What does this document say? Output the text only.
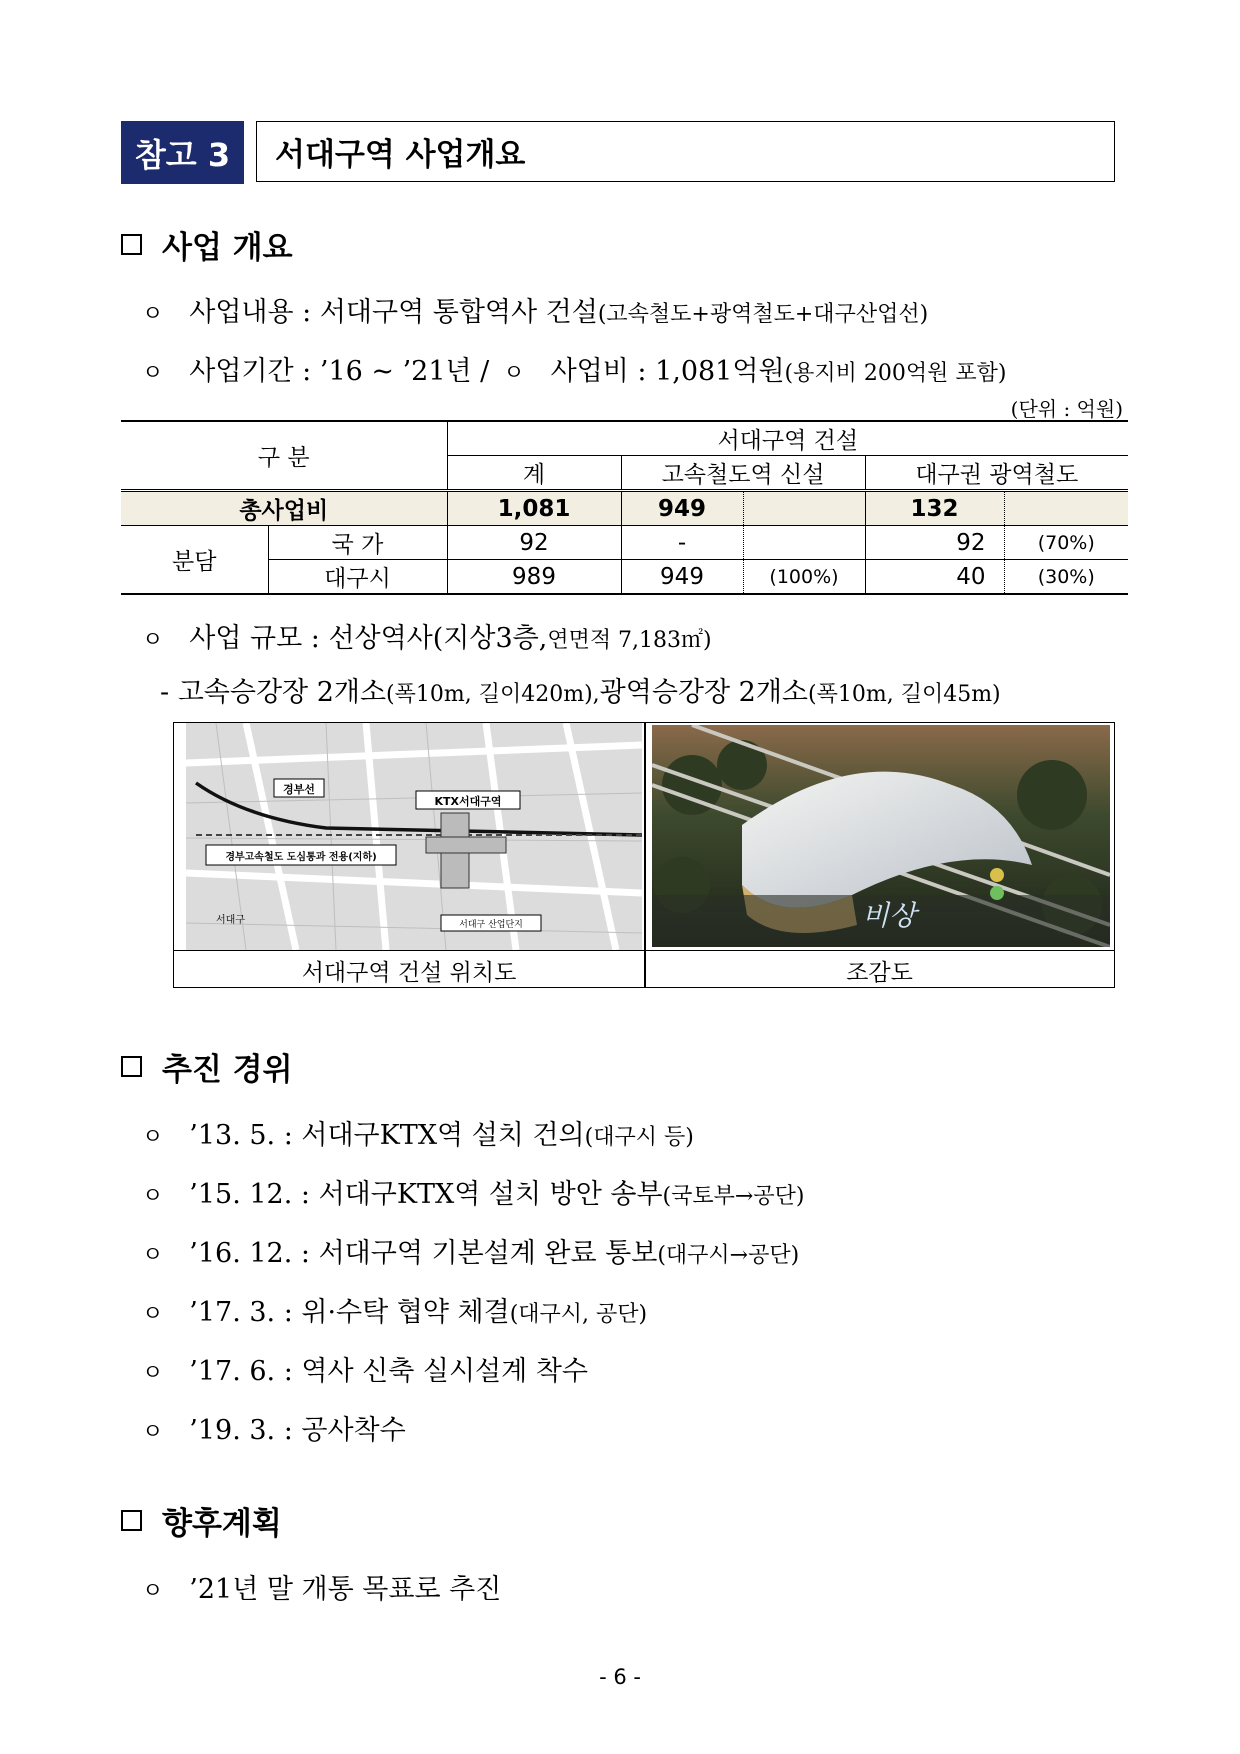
참고 3	서대구역 사업개요
사업 개요
ㅇ 사업내용 : 서대구역 통합역사 건설 (고속철도+광역철도+대구산업선)
ㅇ 사업기간 : ’16 ~ ’21년 / ㅇ 사업비 : 1,081억원 (용지비 200억원 포함)
(단위 : 억원)
구 분		서대구역 건설				
		계	고속철도역 신설		대구권 광역철도	
총사업비		1,081	949		132	
분담	국 가	92	-		92	(70%)
	대구시	989	949	(100%)	40	(30%)
ㅇ 사업 규모 : 선상역사(지상3층, 연면적 7,183㎡)
- 고속승강장 2개소 (폭10m, 길이420m), 광역승강장 2개소 (폭10m, 길이45m)
경부선
KTX서대구역
경부고속철도 도심통과 전용(지하)
서대구 산업단지
서대구	비상
서대구역 건설 위치도	조감도
추진 경위
ㅇ ’13. 5. : 서대구KTX역 설치 건의 (대구시 등)
ㅇ ’15. 12. : 서대구KTX역 설치 방안 송부 (국토부→공단)
ㅇ ’16. 12. : 서대구역 기본설계 완료 통보 (대구시→공단)
ㅇ ’17. 3. : 위·수탁 협약 체결 (대구시, 공단)
ㅇ ’17. 6. : 역사 신축 실시설계 착수
ㅇ ’19. 3. : 공사착수
향후계획
ㅇ ’21년 말 개통 목표로 추진
- 6 -
